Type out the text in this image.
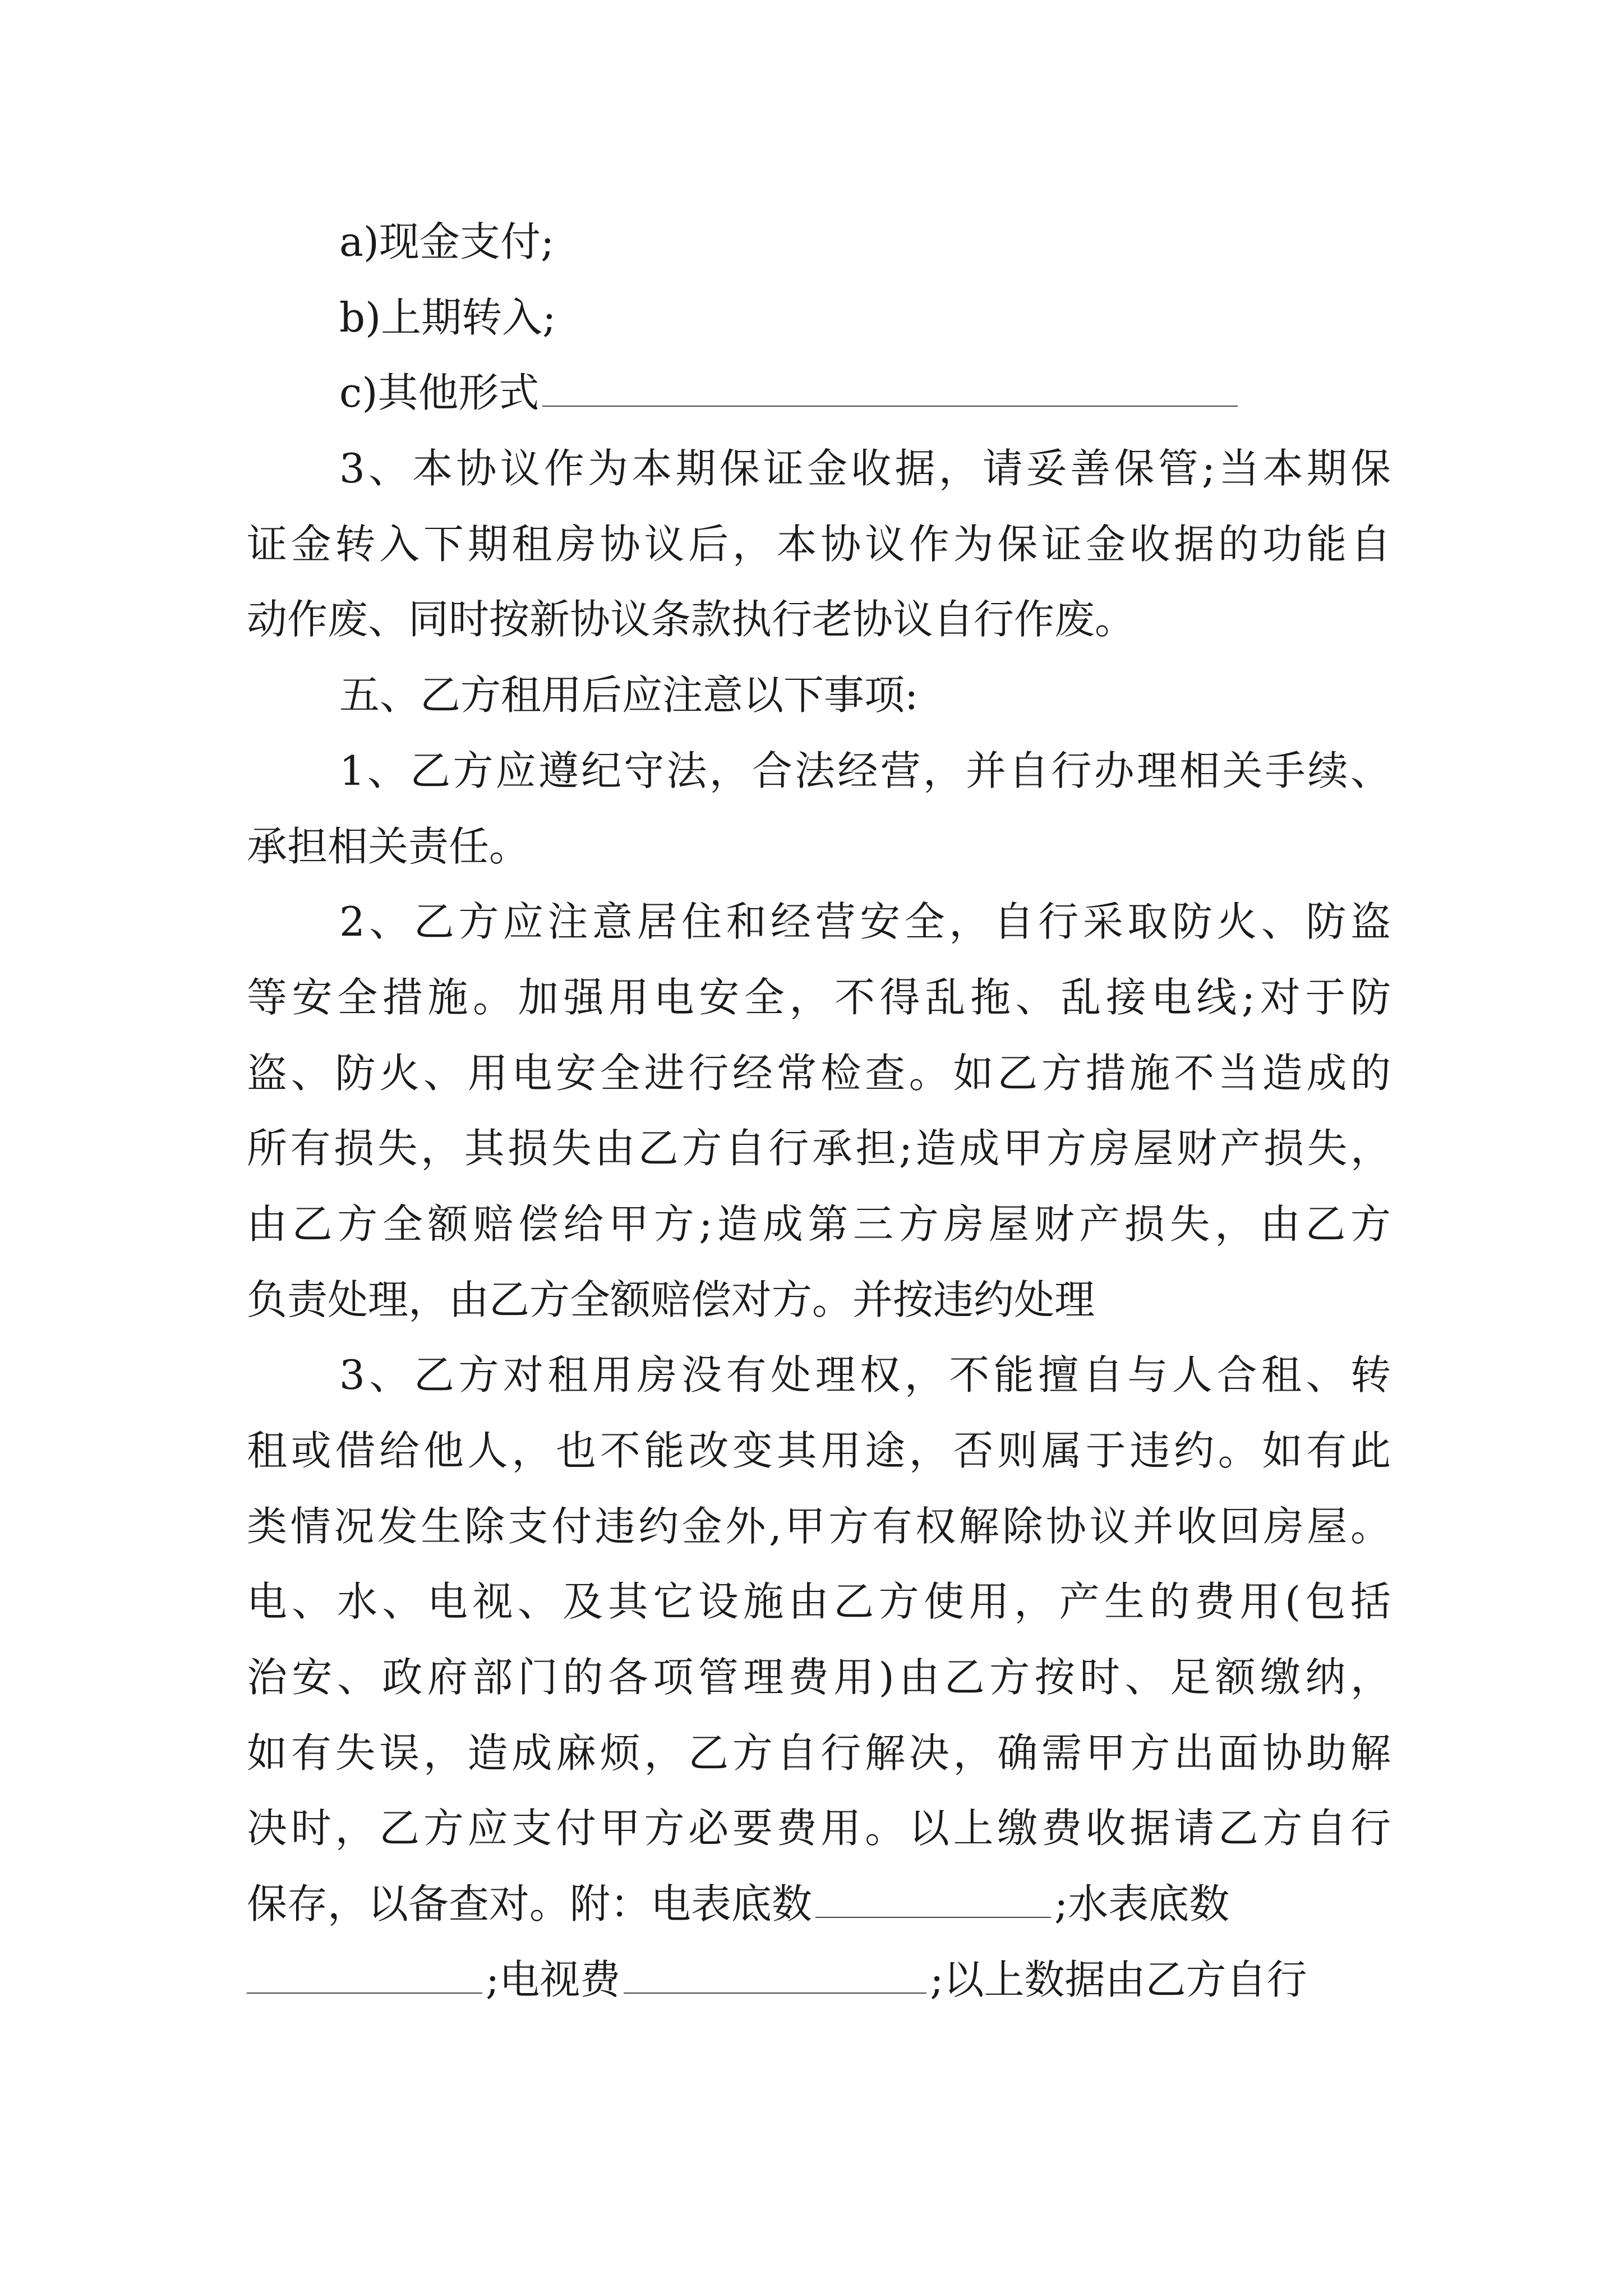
a)现金支付;
b)上期转入;
c)其他形式
3、本协议作为本期保证金收据，请妥善保管;当本期保
证金转入下期租房协议后，本协议作为保证金收据的功能自
动作废、同时按新协议条款执行老协议自行作废。
五、乙方租用后应注意以下事项:
1、乙方应遵纪守法，合法经营，并自行办理相关手续、
承担相关责任。
2、乙方应注意居住和经营安全，自行采取防火、防盗
等安全措施。加强用电安全，不得乱拖、乱接电线;对于防
盗、防火、用电安全进行经常检查。如乙方措施不当造成的
所有损失，其损失由乙方自行承担;造成甲方房屋财产损失，
由乙方全额赔偿给甲方;造成第三方房屋财产损失，由乙方
负责处理，由乙方全额赔偿对方。并按违约处理
3、乙方对租用房没有处理权，不能擅自与人合租、转
租或借给他人，也不能改变其用途，否则属于违约。如有此
类情况发生除支付违约金外,甲方有权解除协议并收回房屋。
电、水、电视、及其它设施由乙方使用，产生的费用(包括
治安、政府部门的各项管理费用)由乙方按时、足额缴纳，
如有失误，造成麻烦，乙方自行解决，确需甲方出面协助解
决时，乙方应支付甲方必要费用。以上缴费收据请乙方自行
保存，以备查对。附：电表底数	;水表底数
;电视费	;以上数据由乙方自行
